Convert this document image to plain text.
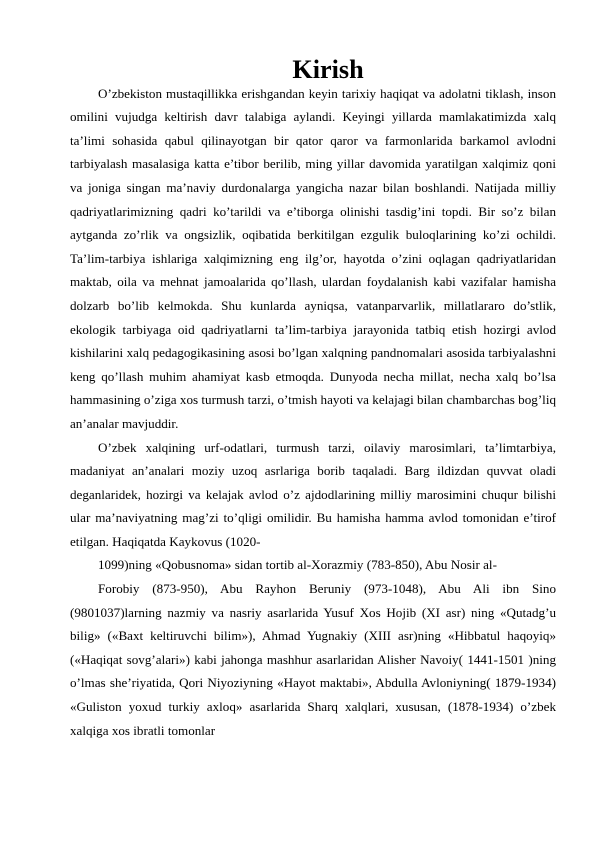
Kirish

O’zbekiston mustaqillikka erishgandan keyin tarixiy haqiqat va adolatni tiklash, inson omilini vujudga keltirish davr talabiga aylandi. Keyingi yillarda mamlakatimizda xalq ta’limi sohasida qabul qilinayotgan bir qator qaror va farmonlarida barkamol avlodni tarbiyalash masalasiga katta e’tibor berilib, ming yillar davomida yaratilgan xalqimiz qoni va joniga singan ma’naviy durdonalarga yangicha nazar bilan boshlandi. Natijada milliy qadriyatlarimizning qadri ko’tarildi va e’tiborga olinishi tasdig’ini topdi. Bir so’z bilan aytganda zo’rlik va ongsizlik, oqibatida berkitilgan ezgulik buloqlarining ko’zi ochildi. Ta’lim-tarbiya ishlariga xalqimizning eng ilg’or, hayotda o’zini oqlagan qadriyatlaridan maktab, oila va mehnat jamoalarida qo’llash, ulardan foydalanish kabi vazifalar hamisha dolzarb bo’lib kelmokda. Shu kunlarda ayniqsa, vatanparvarlik, millatlararo do’stlik, ekologik tarbiyaga oid qadriyatlarni ta’lim-tarbiya jarayonida tatbiq etish hozirgi avlod kishilarini xalq pedagogikasining asosi bo’lgan xalqning pandnomalari asosida tarbiyalashni keng qo’llash muhim ahamiyat kasb etmoqda. Dunyoda necha millat, necha xalq bo’lsa hammasining o’ziga xos turmush tarzi, o’tmish hayoti va kelajagi bilan chambarchas bog’liq an’analar mavjuddir.

O’zbek xalqining urf-odatlari, turmush tarzi, oilaviy marosimlari, ta’limtarbiya, madaniyat an’analari moziy uzoq asrlariga borib taqaladi. Barg ildizdan quvvat oladi deganlaridek, hozirgi va kelajak avlod o’z ajdodlarining milliy marosimini chuqur bilishi ular ma’naviyatning mag’zi to’qligi omilidir. Bu hamisha hamma avlod tomonidan e’tirof etilgan. Haqiqatda Kaykovus (1020-

1099)ning «Qobusnoma» sidan tortib al-Xorazmiy (783-850), Abu Nosir al-

Forobiy (873-950), Abu Rayhon Beruniy (973-1048), Abu Ali ibn Sino (9801037)larning nazmiy va nasriy asarlarida Yusuf Xos Hojib (XI asr) ning «Qutadg’u bilig» («Baxt keltiruvchi bilim»), Ahmad Yugnakiy (XIII asr)ning «Hibbatul haqoyiq» («Haqiqat sovg’alari») kabi jahonga mashhur asarlaridan Alisher Navoiy( 1441-1501 )ning o’lmas she’riyatida, Qori Niyoziyning «Hayot maktabi», Abdulla Avloniyning( 1879-1934) «Guliston yoxud turkiy axloq» asarlarida Sharq xalqlari, xususan, (1878-1934) o’zbek xalqiga xos ibratli tomonlar
